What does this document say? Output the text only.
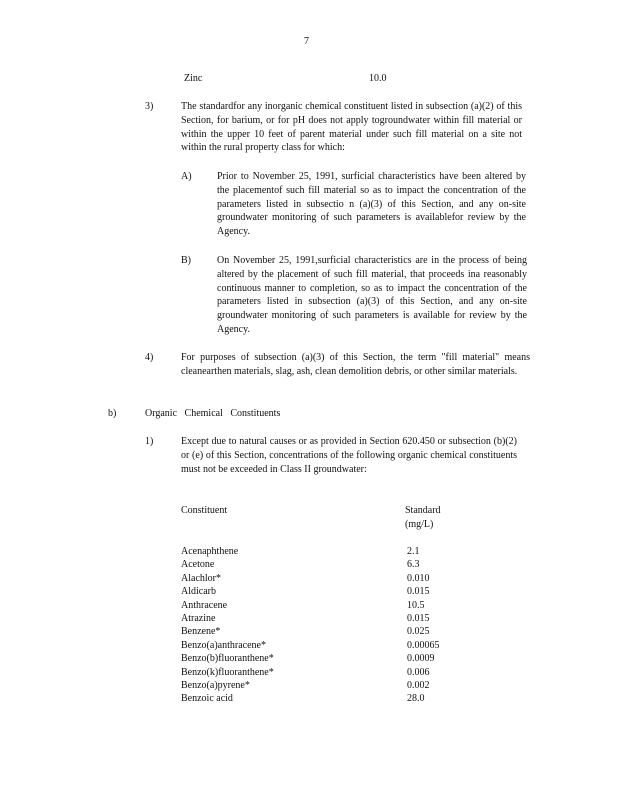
7
Zinc	10.0
3)	The standardfor any inorganic chemical constituent listed in subsection (a)(2) of this Section, for barium, or for pH does not apply togroundwater within fill material or within the upper 10 feet of parent material under such fill material on a site not within the rural property class for which:
A)	Prior to November 25, 1991, surficial characteristics have been altered by the placementof such fill material so as to impact the concentration of the parameters listed in subsectio n (a)(3) of this Section, and any on-site groundwater monitoring of such parameters is availablefor review by the Agency.
B)	On November 25, 1991,surficial characteristics are in the process of being altered by the placement of such fill material, that proceeds ina reasonably continuous manner to completion, so as to impact the concentration of the parameters listed in subsection (a)(3) of this Section, and any on-site groundwater monitoring of such parameters is available for review by the Agency.
4)	For purposes of subsection (a)(3) of this Section, the term "fill material" means cleanearthen materials, slag, ash, clean demolition debris, or other similar materials.
b)	Organic Chemical Constituents
1)	Except due to natural causes or as provided in Section 620.450 or subsection (b)(2) or (e) of this Section, concentrations of the following organic chemical constituents must not be exceeded in Class II groundwater:
Constituent	Standard
(mg/L)
Acenaphthene	2.1
Acetone	6.3
Alachlor*	0.010
Aldicarb	0.015
Anthracene	10.5
Atrazine	0.015
Benzene*	0.025
Benzo(a)anthracene*	0.00065
Benzo(b)fluoranthene*	0.0009
Benzo(k)fluoranthene*	0.006
Benzo(a)pyrene*	0.002
Benzoic acid	28.0
